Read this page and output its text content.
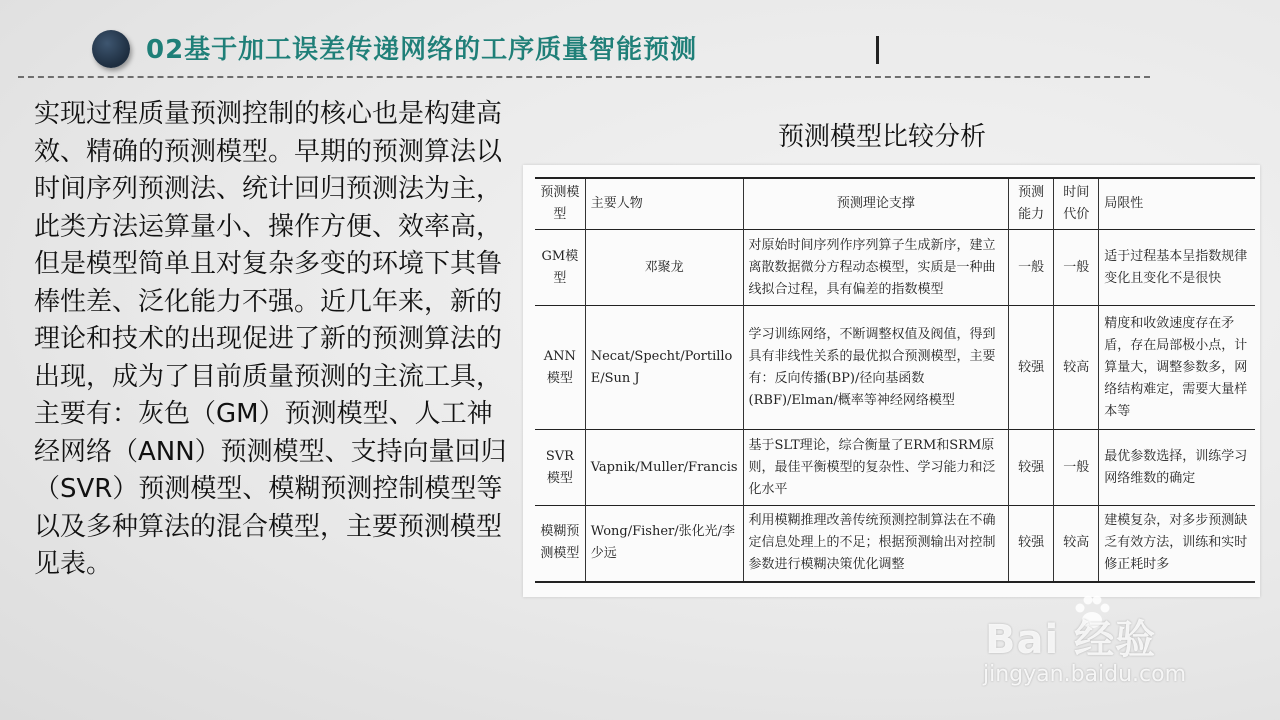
02基于加工误差传递网络的工序质量智能预测
实现过程质量预测控制的核心也是构建高效、精确的预测模型。早期的预测算法以时间序列预测法、统计回归预测法为主，此类方法运算量小、操作方便、效率高，但是模型简单且对复杂多变的环境下其鲁棒性差、泛化能力不强。近几年来，新的理论和技术的出现促进了新的预测算法的出现，成为了目前质量预测的主流工具，主要有：灰色（GM）预测模型、人工神经网络（ANN）预测模型、支持向量回归（SVR）预测模型、模糊预测控制模型等以及多种算法的混合模型，主要预测模型见表。
预测模型比较分析
预测模型	主要人物	预测理论支撑	预测能力	时间代价	局限性
GM模型	邓聚龙	对原始时间序列作序列算子生成新序，建立离散数据微分方程动态模型，实质是一种曲线拟合过程，具有偏差的指数模型	一般	一般	适于过程基本呈指数规律变化且变化不是很快
ANN模型	Necat/Specht/Portillo E/Sun J	学习训练网络，不断调整权值及阀值，得到具有非线性关系的最优拟合预测模型，主要有：反向传播(BP)/径向基函数(RBF)/Elman/概率等神经网络模型	较强	较高	精度和收敛速度存在矛盾，存在局部极小点，计算量大，调整参数多，网络结构难定，需要大量样本等
SVR模型	Vapnik/Muller/Francis	基于SLT理论，综合衡量了ERM和SRM原则，最佳平衡模型的复杂性、学习能力和泛化水平	较强	一般	最优参数选择，训练学习网络维数的确定
模糊预测模型	Wong/Fisher/张化光/李少远	利用模糊推理改善传统预测控制算法在不确定信息处理上的不足；根据预测输出对控制参数进行模糊决策优化调整	较强	较高	建模复杂，对多步预测缺乏有效方法，训练和实时修正耗时多
Bai 经验
jingyan.baidu.com
